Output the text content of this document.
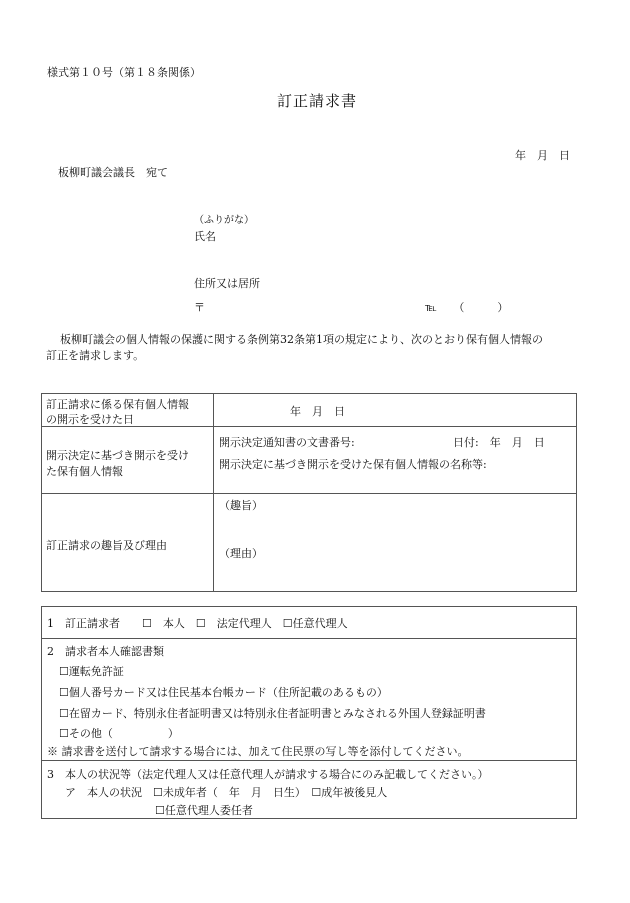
様式第１０号（第１８条関係）
訂正請求書
年　月　日
板柳町議会議長　宛て
（ふりがな）
氏名
住所又は居所
〒	℡　　（　　　）
板柳町議会の個人情報の保護に関する条例第32条第1項の規定により、次のとおり保有個人情報の
訂正を請求します。
訂正請求に係る保有個人情報
の開示を受けた日
年　月　日
開示決定に基づき開示を受け
た保有個人情報
開示決定通知書の文書番号:	日付:　年　月　日
開示決定に基づき開示を受けた保有個人情報の名称等:
訂正請求の趣旨及び理由
（趣旨）
（理由）
1　訂正請求者　　☐　本人　☐　法定代理人　☐任意代理人
2　請求者本人確認書類
☐運転免許証
☐個人番号カード又は住民基本台帳カード（住所記載のあるもの）
☐在留カード、特別永住者証明書又は特別永住者証明書とみなされる外国人登録証明書
☐その他（　　　　　）
※ 請求書を送付して請求する場合には、加えて住民票の写し等を添付してください。
3　本人の状況等（法定代理人又は任意代理人が請求する場合にのみ記載してください。）
ア　本人の状況　☐未成年者（　年　月　日生）　☐成年被後見人
☐任意代理人委任者
